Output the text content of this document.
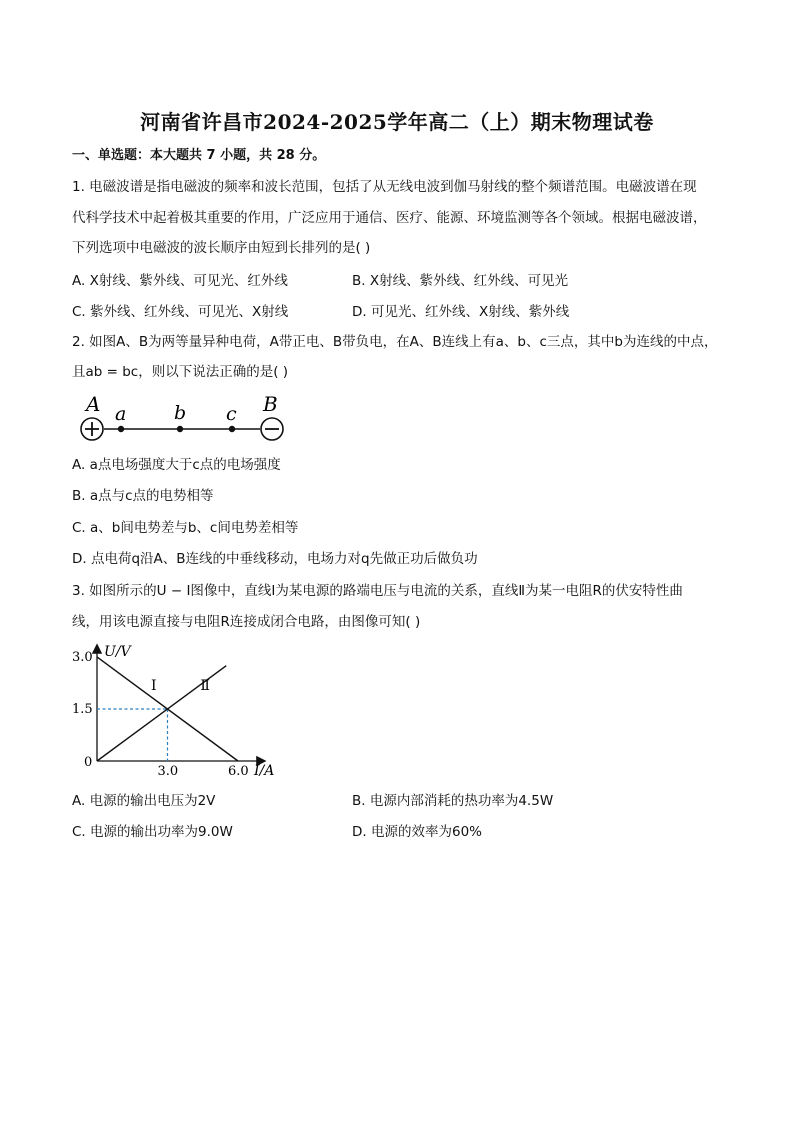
河南省许昌市2024-2025学年高二（上）期末物理试卷
一、单选题：本大题共 7 小题，共 28 分。
1. 电磁波谱是指电磁波的频率和波长范围，包括了从无线电波到伽马射线的整个频谱范围。电磁波谱在现
代科学技术中起着极其重要的作用，广泛应用于通信、医疗、能源、环境监测等各个领域。根据电磁波谱，
下列选项中电磁波的波长顺序由短到长排列的是( )
A. X射线、紫外线、可见光、红外线	B. X射线、紫外线、红外线、可见光
C. 紫外线、红外线、可见光、X射线	D. 可见光、红外线、X射线、紫外线
2. 如图A、B为两等量异种电荷，A带正电、B带负电，在A、B连线上有a、b、c三点，其中b为连线的中点，
且ab = bc，则以下说法正确的是( )
A a	b c B
A. a点电场强度大于c点的电场强度
B. a点与c点的电势相等
C. a、b间电势差与b、c间电势差相等
D. 点电荷q沿A、B连线的中垂线移动，电场力对q先做正功后做负功
3. 如图所示的U − I图像中，直线Ⅰ为某电源的路端电压与电流的关系，直线Ⅱ为某一电阻R的伏安特性曲
线，用该电源直接与电阻R连接成闭合电路，由图像可知( )
U/V
I/A
0
3.0
1.5
3.0	6.0
Ⅰ	Ⅱ
A. 电源的输出电压为2V	B. 电源内部消耗的热功率为4.5W
C. 电源的输出功率为9.0W	D. 电源的效率为60%
